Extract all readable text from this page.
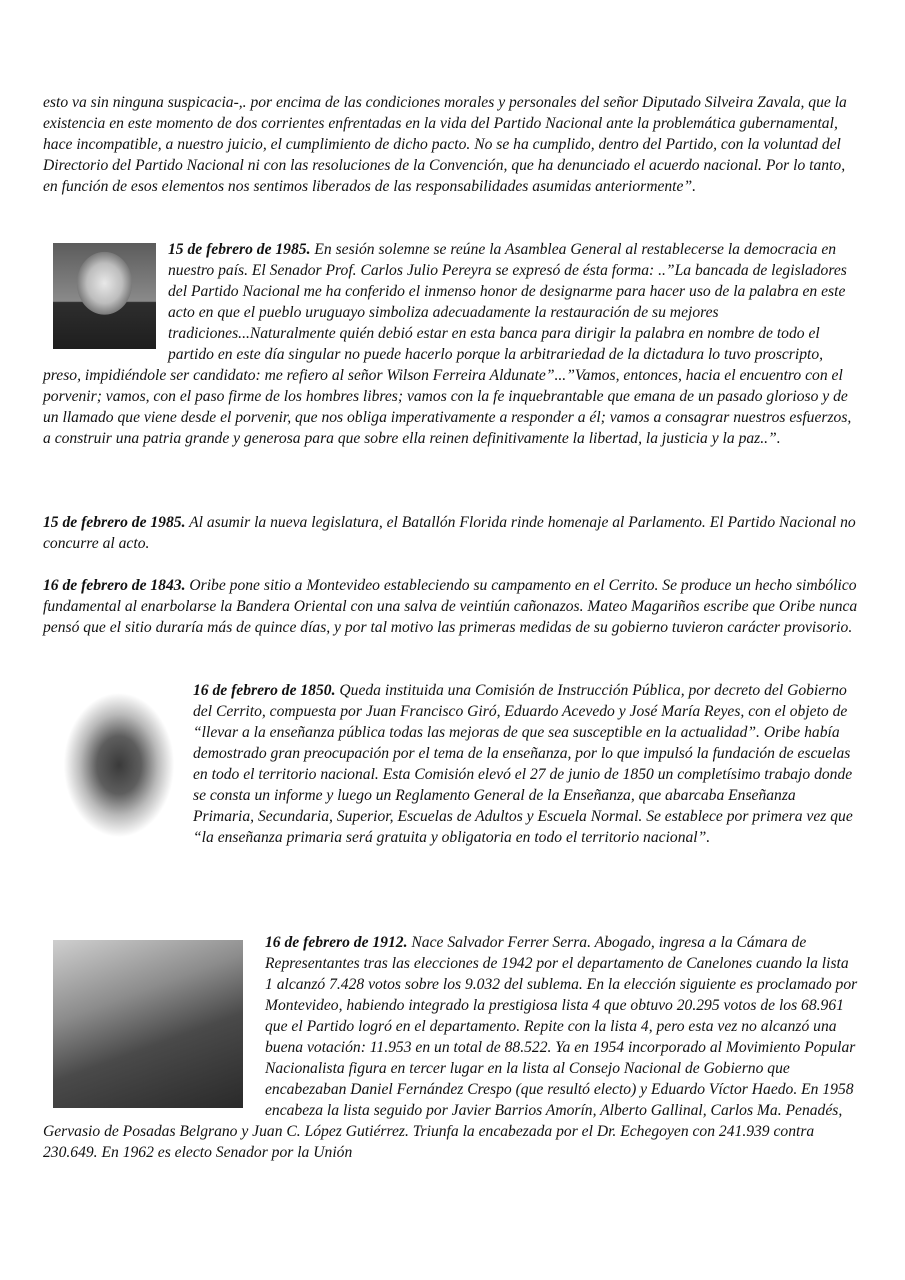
esto va sin ninguna suspicacia-,. por encima de las condiciones morales y personales del señor Diputado Silveira Zavala, que la existencia en este momento de dos corrientes enfrentadas en la vida del Partido Nacional ante la problemática gubernamental, hace incompatible, a nuestro juicio, el cumplimiento de dicho pacto. No se ha cumplido, dentro del Partido, con la voluntad del Directorio del Partido Nacional ni con las resoluciones de la Convención, que ha denunciado el acuerdo nacional. Por lo tanto, en función de esos elementos nos sentimos liberados de las responsabilidades asumidas anteriormente”.

15 de febrero de 1985. En sesión solemne se reúne la Asamblea General al restablecerse la democracia en nuestro país. El Senador Prof. Carlos Julio Pereyra se expresó de ésta forma: ..”La bancada de legisladores del Partido Nacional me ha conferido el inmenso honor de designarme para hacer uso de la palabra en este acto en que el pueblo uruguayo simboliza adecuadamente la restauración de su mejores tradiciones...Naturalmente quién debió estar en esta banca para dirigir la palabra en nombre de todo el partido en este día singular no puede hacerlo porque la arbitrariedad de la dictadura lo tuvo proscripto, preso, impidiéndole ser candidato: me refiero al señor Wilson Ferreira Aldunate”...”Vamos, entonces, hacia el encuentro con el porvenir; vamos, con el paso firme de los hombres libres; vamos con la fe inquebrantable que emana de un pasado glorioso y de un llamado que viene desde el porvenir, que nos obliga imperativamente a responder a él; vamos a consagrar nuestros esfuerzos, a construir una patria grande y generosa para que sobre ella reinen definitivamente la libertad, la justicia y la paz..”.

15 de febrero de 1985. Al asumir la nueva legislatura, el Batallón Florida rinde homenaje al Parlamento. El Partido Nacional no concurre al acto.

16 de febrero de 1843. Oribe pone sitio a Montevideo estableciendo su campamento en el Cerrito. Se produce un hecho simbólico fundamental al enarbolarse la Bandera Oriental con una salva de veintiún cañonazos. Mateo Magariños escribe que Oribe nunca pensó que el sitio duraría más de quince días, y por tal motivo las primeras medidas de su gobierno tuvieron carácter provisorio.

16 de febrero de 1850. Queda instituida una Comisión de Instrucción Pública, por decreto del Gobierno del Cerrito, compuesta por Juan Francisco Giró, Eduardo Acevedo y José María Reyes, con el objeto de “llevar a la enseñanza pública todas las mejoras de que sea susceptible en la actualidad”. Oribe había demostrado gran preocupación por el tema de la enseñanza, por lo que impulsó la fundación de escuelas en todo el territorio nacional. Esta Comisión elevó el 27 de junio de 1850 un completísimo trabajo donde se consta un informe y luego un Reglamento General de la Enseñanza, que abarcaba Enseñanza Primaria, Secundaria, Superior, Escuelas de Adultos y Escuela Normal. Se establece por primera vez que “la enseñanza primaria será gratuita y obligatoria en todo el territorio nacional”.

16 de febrero de 1912. Nace Salvador Ferrer Serra. Abogado, ingresa a la Cámara de Representantes tras las elecciones de 1942 por el departamento de Canelones cuando la lista 1 alcanzó 7.428 votos sobre los 9.032 del sublema. En la elección siguiente es proclamado por Montevideo, habiendo integrado la prestigiosa lista 4 que obtuvo 20.295 votos de los 68.961 que el Partido logró en el departamento. Repite con la lista 4, pero esta vez no alcanzó una buena votación: 11.953 en un total de 88.522. Ya en 1954 incorporado al Movimiento Popular Nacionalista figura en tercer lugar en la lista al Consejo Nacional de Gobierno que encabezaban Daniel Fernández Crespo (que resultó electo) y Eduardo Víctor Haedo. En 1958 encabeza la lista seguido por Javier Barrios Amorín, Alberto Gallinal, Carlos Ma. Penadés, Gervasio de Posadas Belgrano y Juan C. López Gutiérrez. Triunfa la encabezada por el Dr. Echegoyen con 241.939 contra 230.649. En 1962 es electo Senador por la Unión
